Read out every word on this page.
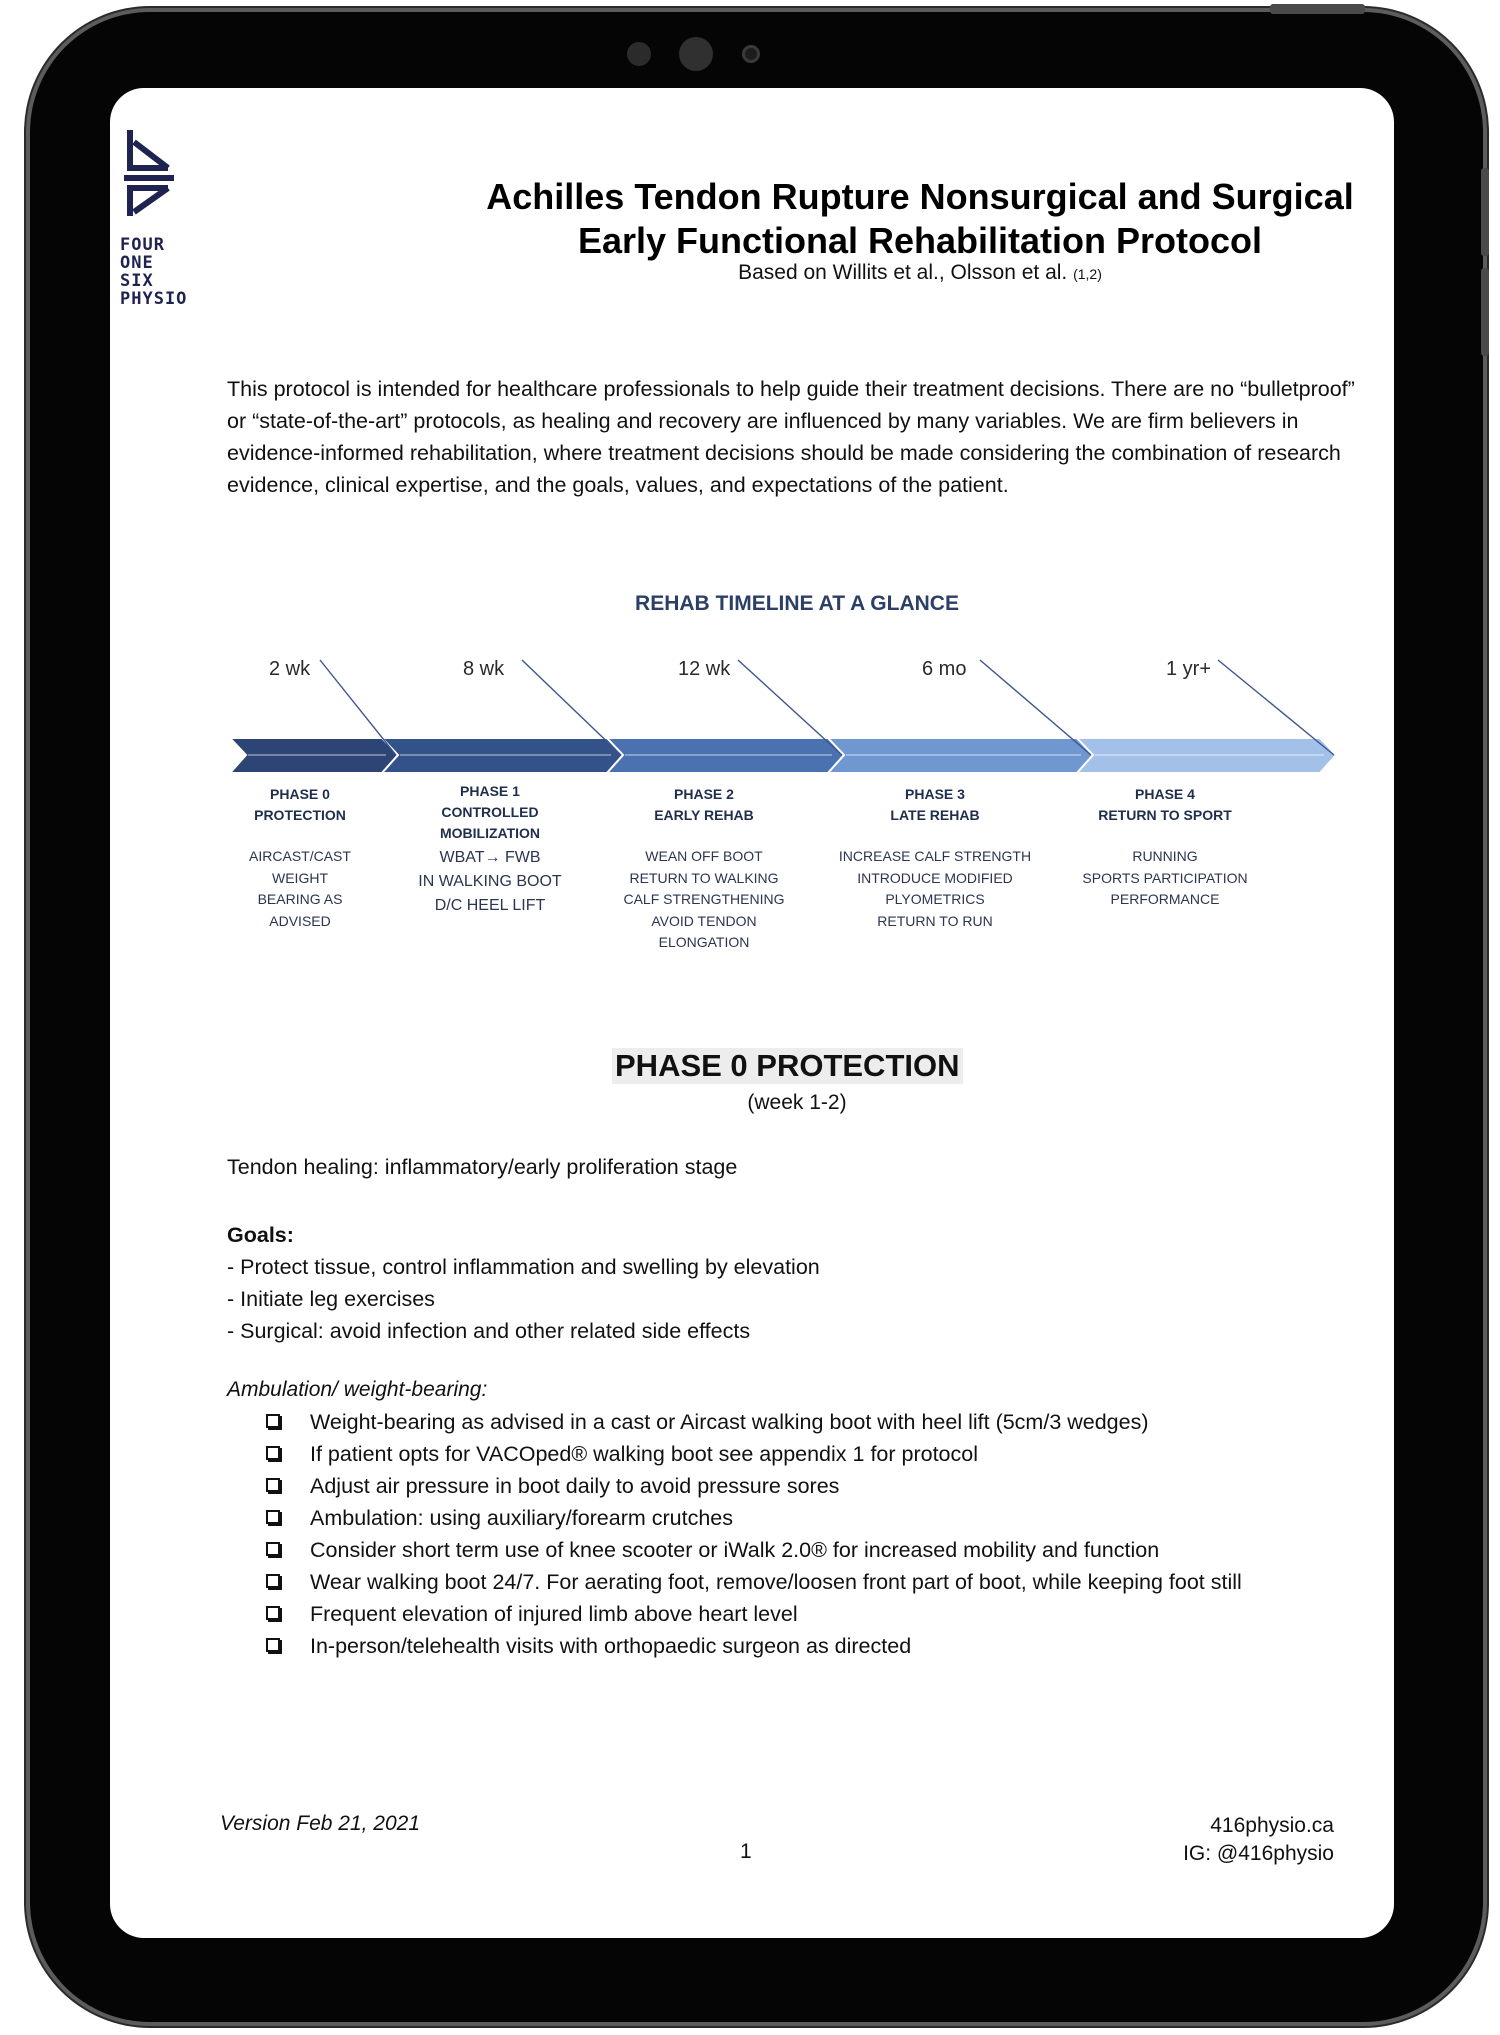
FOUR
ONE
SIX
PHYSIO
Achilles Tendon Rupture Nonsurgical and Surgical
Early Functional Rehabilitation Protocol
Based on Willits et al., Olsson et al. (1,2)

This protocol is intended for healthcare professionals to help guide their treatment decisions. There are no “bulletproof” or “state-of-the-art” protocols, as healing and recovery are influenced by many variables. We are firm believers in evidence-informed rehabilitation, where treatment decisions should be made considering the combination of research evidence, clinical expertise, and the goals, values, and expectations of the patient.

REHAB TIMELINE AT A GLANCE
2 wk	8 wk	12 wk	6 mo	1 yr+
PHASE 0
PROTECTION
AIRCAST/CAST
WEIGHT
BEARING AS
ADVISED
PHASE 1
CONTROLLED
MOBILIZATION
WBAT→ FWB
IN WALKING BOOT
D/C HEEL LIFT
PHASE 2
EARLY REHAB
WEAN OFF BOOT
RETURN TO WALKING
CALF STRENGTHENING
AVOID TENDON
ELONGATION
PHASE 3
LATE REHAB
INCREASE CALF STRENGTH
INTRODUCE MODIFIED
PLYOMETRICS
RETURN TO RUN
PHASE 4
RETURN TO SPORT
RUNNING
SPORTS PARTICIPATION
PERFORMANCE
PHASE 0 PROTECTION
(week 1-2)
Tendon healing: inflammatory/early proliferation stage
Goals:
- Protect tissue, control inflammation and swelling by elevation
- Initiate leg exercises
- Surgical: avoid infection and other related side effects
Ambulation/ weight-bearing:
Weight-bearing as advised in a cast or Aircast walking boot with heel lift (5cm/3 wedges)
If patient opts for VACOped® walking boot see appendix 1 for protocol
Adjust air pressure in boot daily to avoid pressure sores
Ambulation: using auxiliary/forearm crutches
Consider short term use of knee scooter or iWalk 2.0® for increased mobility and function
Wear walking boot 24/7. For aerating foot, remove/loosen front part of boot, while keeping foot still
Frequent elevation of injured limb above heart level
In-person/telehealth visits with orthopaedic surgeon as directed
Version Feb 21, 2021
1
416physio.ca
IG: @416physio
